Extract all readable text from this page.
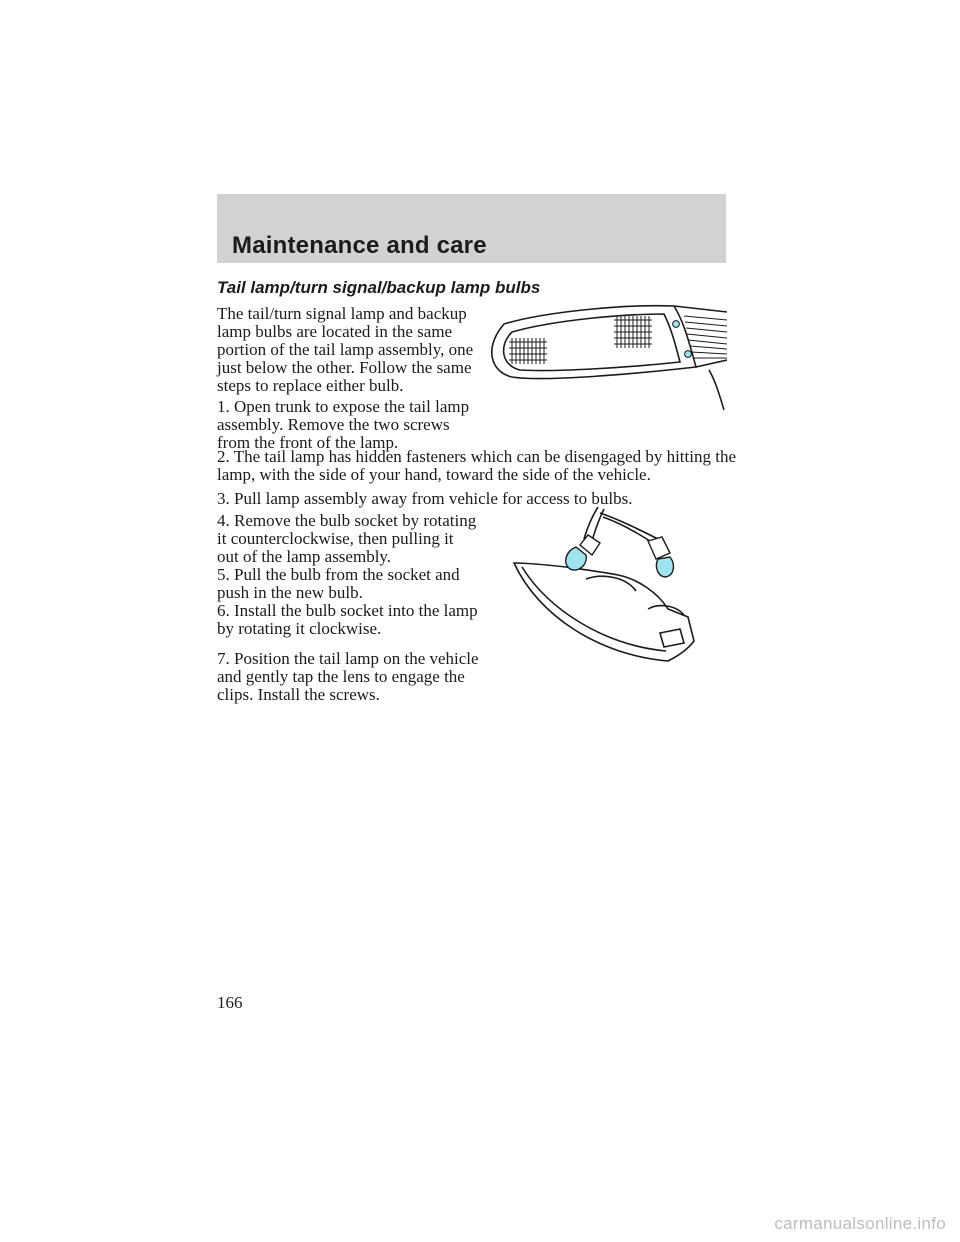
Maintenance and care
Tail lamp/turn signal/backup lamp bulbs

The tail/turn signal lamp and backup lamp bulbs are located in the same portion of the tail lamp assembly, one just below the other. Follow the same steps to replace either bulb.

1. Open trunk to expose the tail lamp assembly. Remove the two screws from the front of the lamp.

2. The tail lamp has hidden fasteners which can be disengaged by hitting the lamp, with the side of your hand, toward the side of the vehicle.

3. Pull lamp assembly away from vehicle for access to bulbs.

4. Remove the bulb socket by rotating it counterclockwise, then pulling it out of the lamp assembly.

5. Pull the bulb from the socket and push in the new bulb.

6. Install the bulb socket into the lamp by rotating it clockwise.

7. Position the tail lamp on the vehicle and gently tap the lens to engage the clips. Install the screws.

166

carmanualsonline.info
